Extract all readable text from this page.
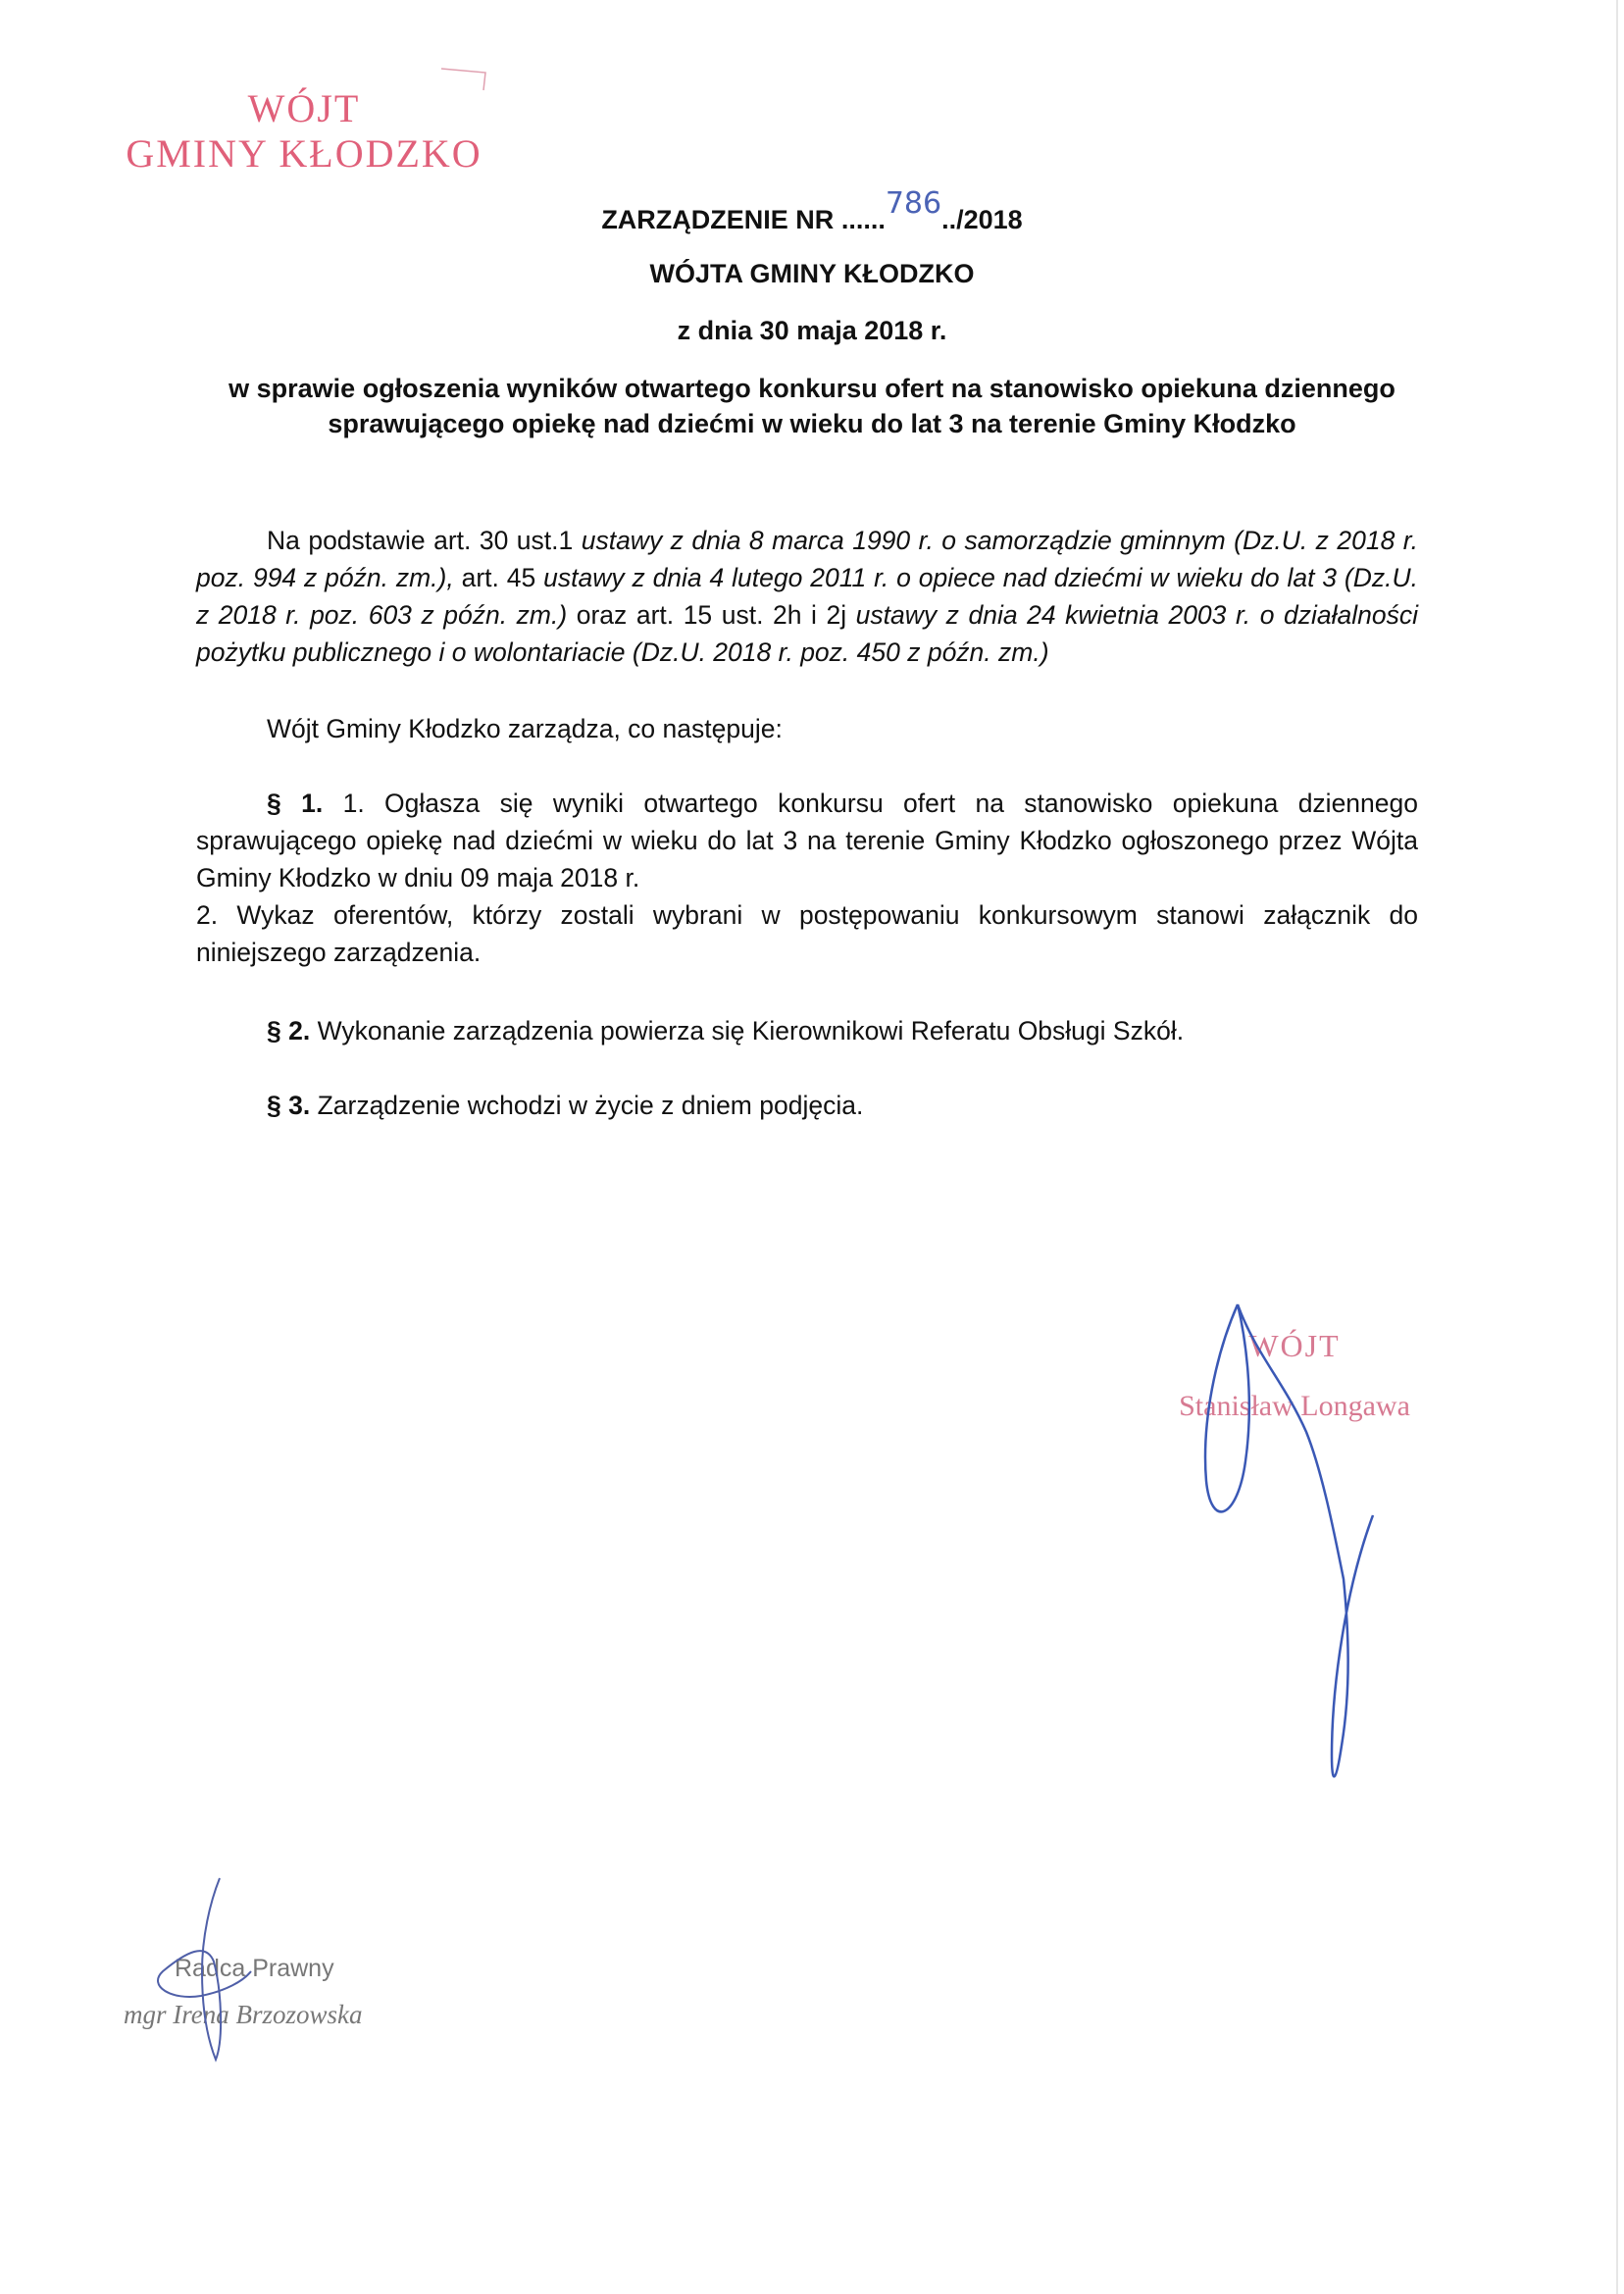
WÓJT
GMINY KŁODZKO
ZARZĄDZENIE NR ......786../2018
WÓJTA GMINY KŁODZKO
z dnia 30 maja 2018 r.
w sprawie ogłoszenia wyników otwartego konkursu ofert na stanowisko opiekuna dziennego
sprawującego opiekę nad dziećmi w wieku do lat 3 na terenie Gminy Kłodzko
Na podstawie art. 30 ust.1 ustawy z dnia 8 marca 1990 r. o samorządzie gminnym (Dz.U. z 2018 r. poz. 994 z późn. zm.), art. 45 ustawy z dnia 4 lutego 2011 r. o opiece nad dziećmi w wieku do lat 3 (Dz.U. z 2018 r. poz. 603 z późn. zm.) oraz art. 15 ust. 2h i 2j ustawy z dnia 24 kwietnia 2003 r. o działalności pożytku publicznego i o wolontariacie (Dz.U. 2018 r. poz. 450 z późn. zm.)
Wójt Gminy Kłodzko zarządza, co następuje:
§ 1. 1. Ogłasza się wyniki otwartego konkursu ofert na stanowisko opiekuna dziennego sprawującego opiekę nad dziećmi w wieku do lat 3 na terenie Gminy Kłodzko ogłoszonego przez Wójta Gminy Kłodzko w dniu 09 maja 2018 r.
2. Wykaz oferentów, którzy zostali wybrani w postępowaniu konkursowym stanowi załącznik do niniejszego zarządzenia.
§ 2. Wykonanie zarządzenia powierza się Kierownikowi Referatu Obsługi Szkół.
§ 3. Zarządzenie wchodzi w życie z dniem podjęcia.
WÓJT
Stanisław Longawa
Radca Prawny
mgr Irena Brzozowska
